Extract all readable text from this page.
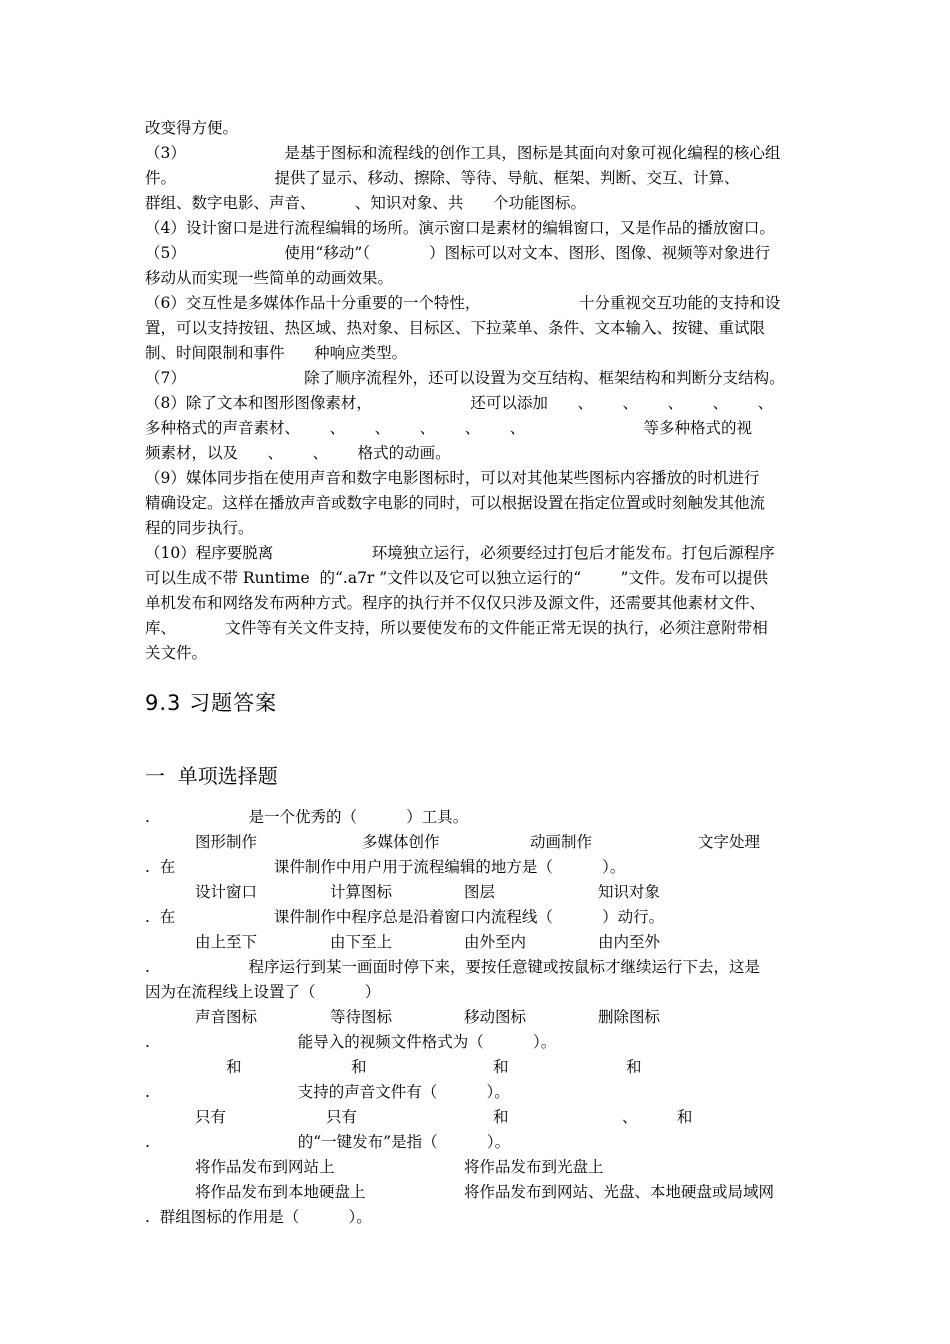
改变得方便。
（3）                    是基于图标和流程线的创作工具，图标是其面向对象可视化编程的核心组
件。                    提供了显示、移动、擦除、等待、导航、框架、判断、交互、计算、
群组、数字电影、声音、        、知识对象、共      个功能图标。
（4）设计窗口是进行流程编辑的场所。演示窗口是素材的编辑窗口，又是作品的播放窗口。
（5）                    使用“移动”（            ）图标可以对文本、图形、图像、视频等对象进行
移动从而实现一些简单的动画效果。
（6）交互性是多媒体作品十分重要的一个特性，                    十分重视交互功能的支持和设
置，可以支持按钮、热区域、热对象、目标区、下拉菜单、条件、文本输入、按键、重试限
制、时间限制和事件      种响应类型。
（7）                        除了顺序流程外，还可以设置为交互结构、框架结构和判断分支结构。
（8）除了文本和图形图像素材，                    还可以添加      、      、      、      、      、
多种格式的声音素材、      、      、      、      、      、                        等多种格式的视
频素材，以及      、      、      格式的动画。
（9）媒体同步指在使用声音和数字电影图标时，可以对其他某些图标内容播放的时机进行
精确设定。这样在播放声音或数字电影的同时，可以根据设置在指定位置或时刻触发其他流
程的同步执行。
（10）程序要脱离                    环境独立运行，必须要经过打包后才能发布。打包后源程序
可以生成不带 Runtime  的“.a7r ”文件以及它可以独立运行的“        ”文件。发布可以提供
单机发布和网络发布两种方式。程序的执行并不仅仅只涉及源文件，还需要其他素材文件、
库、          文件等有关文件支持，所以要使发布的文件能正常无误的执行，必须注意附带相
关文件。
9.3 习题答案
一  单项选择题
.                    是一个优秀的（          ）工具。
图形制作	多媒体创作	动画制作	文字处理
.  在                    课件制作中用户用于流程编辑的地方是（          ）。
设计窗口	计算图标	图层	知识对象
.  在                    课件制作中程序总是沿着窗口内流程线（          ）动行。
由上至下	由下至上	由外至内	由内至外
.                    程序运行到某一画面时停下来，要按任意键或按鼠标才继续运行下去，这是
因为在流程线上设置了（          ）
声音图标	等待图标	移动图标	删除图标
.                              能导入的视频文件格式为（          ）。
和	和	和	和
.                              支持的声音文件有（          ）。
只有	只有	和	、        和
.                              的“一键发布”是指（          ）。
将作品发布到网站上	将作品发布到光盘上
将作品发布到本地硬盘上	将作品发布到网站、光盘、本地硬盘或局域网
.  群组图标的作用是（          ）。
